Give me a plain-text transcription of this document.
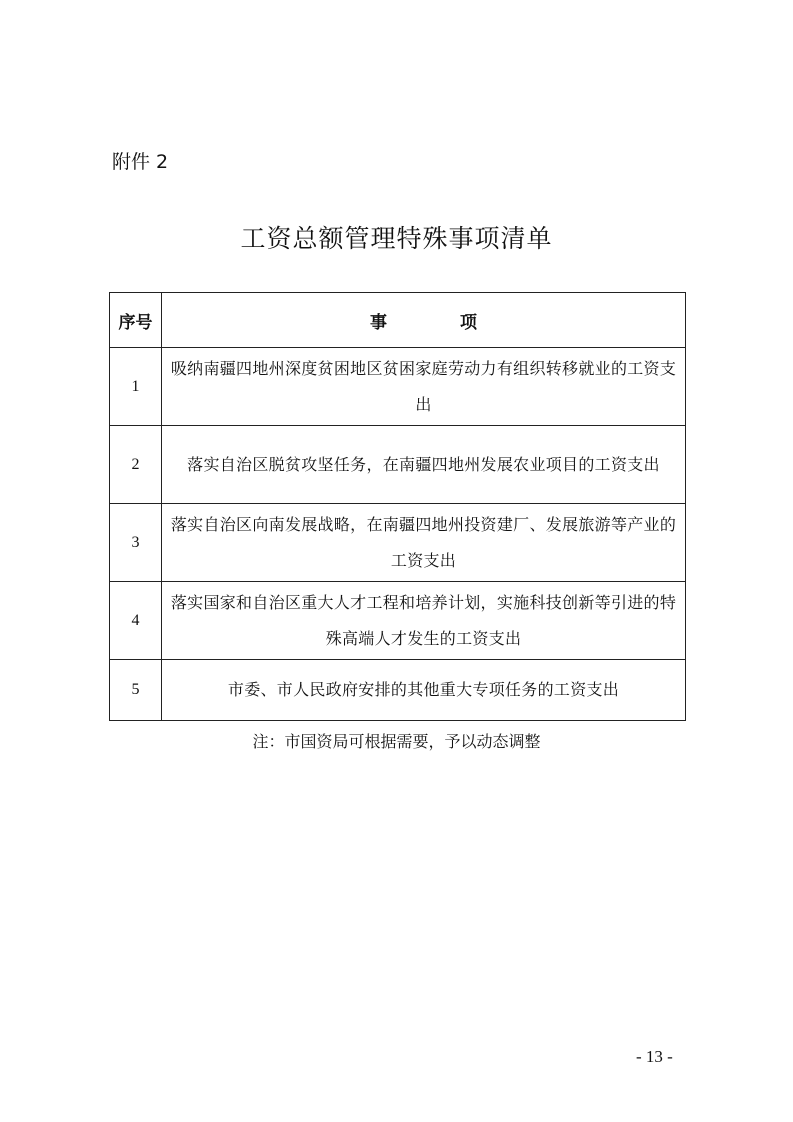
附件 2
工资总额管理特殊事项清单
序号	事　项
1	吸纳南疆四地州深度贫困地区贫困家庭劳动力有组织转移就业的工资支出

2	落实自治区脱贫攻坚任务，在南疆四地州发展农业项目的工资支出

3	落实自治区向南发展战略，在南疆四地州投资建厂、发展旅游等产业的工资支出

4	落实国家和自治区重大人才工程和培养计划，实施科技创新等引进的特殊高端人才发生的工资支出

5	市委、市人民政府安排的其他重大专项任务的工资支出
注：市国资局可根据需要，予以动态调整
- 13 -
